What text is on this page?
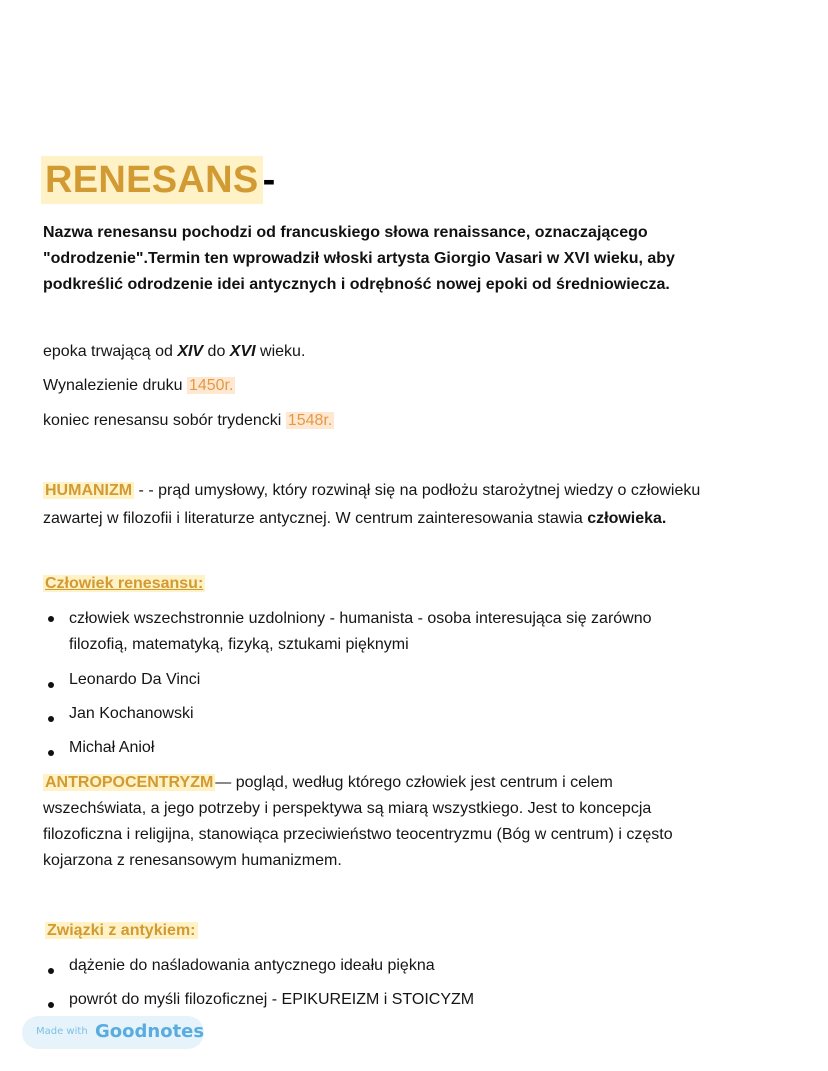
RENESANS -
Nazwa renesansu pochodzi od francuskiego słowa renaissance, oznaczającego
"odrodzenie".Termin ten wprowadził włoski artysta Giorgio Vasari w XVI wieku, aby
podkreślić odrodzenie idei antycznych i odrębność nowej epoki od średniowiecza.
epoka trwającą od XIV do XVI wieku.
Wynalezienie druku 1450r.
koniec renesansu sobór trydencki 1548r.
HUMANIZM - - prąd umysłowy, który rozwinął się na podłożu starożytnej wiedzy o człowieku
zawartej w filozofii i literaturze antycznej. W centrum zainteresowania stawia człowieka.
Człowiek renesansu:
człowiek wszechstronnie uzdolniony - humanista - osoba interesująca się zarówno
filozofią, matematyką, fizyką, sztukami pięknymi
Leonardo Da Vinci
Jan Kochanowski
Michał Anioł
ANTROPOCENTRYZM — pogląd, według którego człowiek jest centrum i celem
wszechświata, a jego potrzeby i perspektywa są miarą wszystkiego. Jest to koncepcja
filozoficzna i religijna, stanowiąca przeciwieństwo teocentryzmu (Bóg w centrum) i często
kojarzona z renesansowym humanizmem.
Związki z antykiem:
dążenie do naśladowania antycznego ideału piękna
powrót do myśli filozoficznej - EPIKUREIZM i STOICYZM
Made with Goodnotes
